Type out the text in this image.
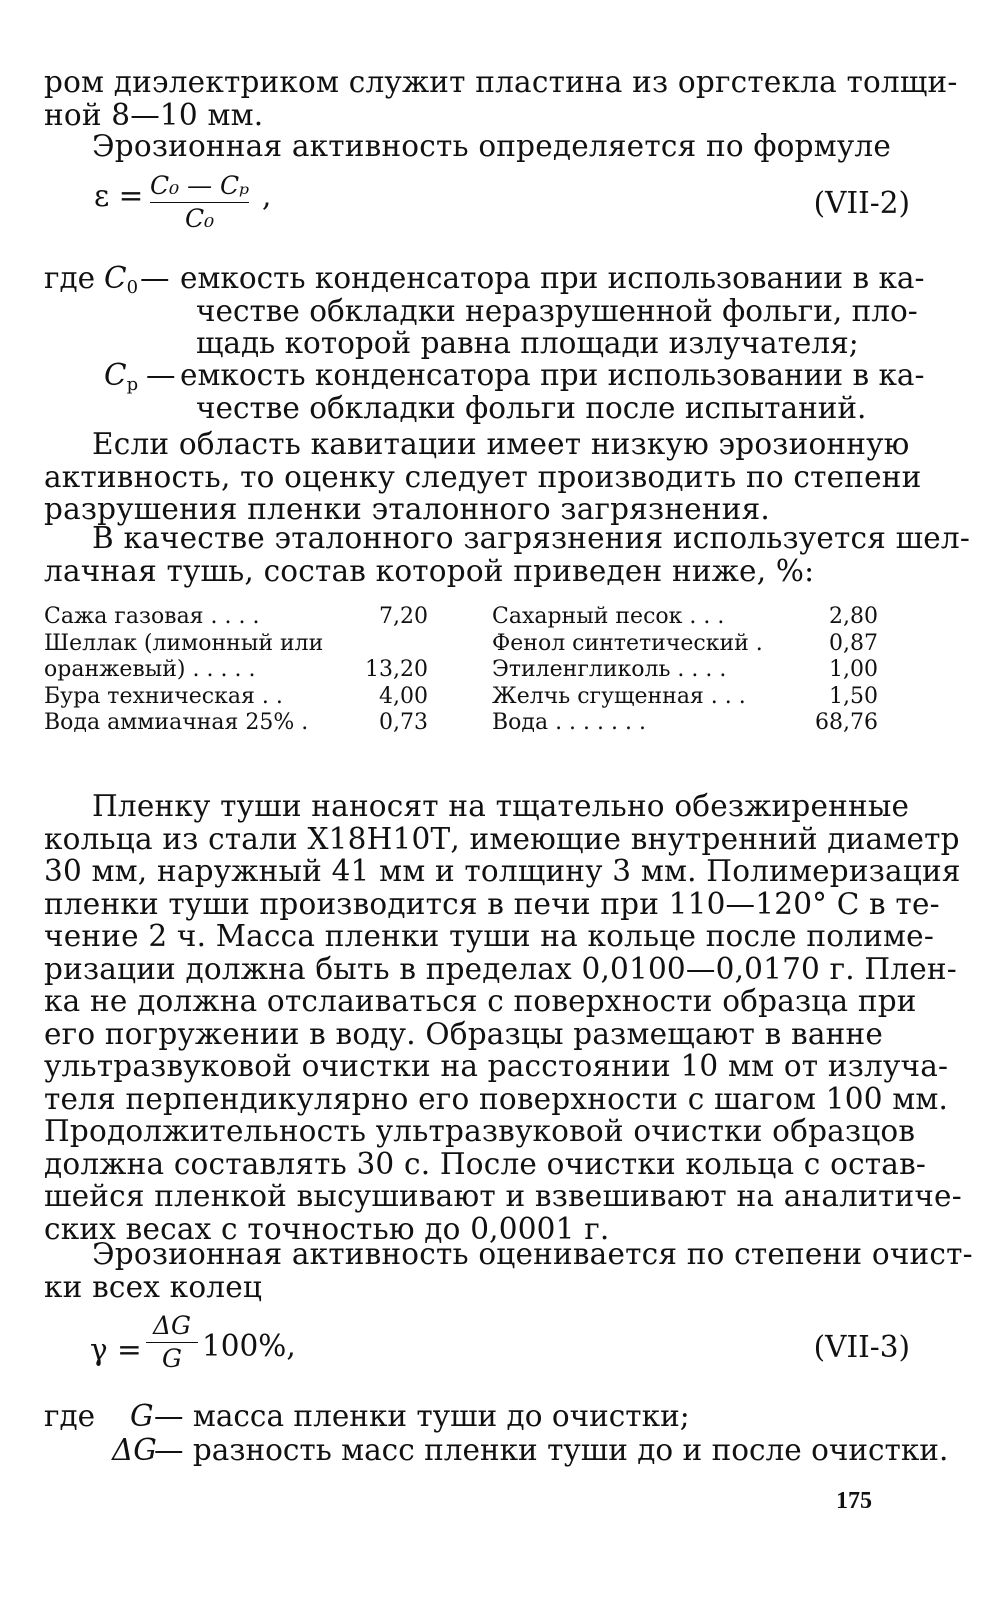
ром диэлектриком служит пластина из оргстекла толщи-
ной 8—10 мм.
Эрозионная активность определяется по формуле
ε = C₀ — Cₚ
C₀
,	(VII-2)
где $C_0$ — емкость конденсатора при использовании в ка-
честве обкладки неразрушенной фольги, пло-
щадь которой равна площади излучателя;
$C_р$ — емкость конденсатора при использовании в ка-
честве обкладки фольги после испытаний.
Если область кавитации имеет низкую эрозионную
активность, то оценку следует производить по степени
разрушения пленки эталонного загрязнения.
В качестве эталонного загрязнения используется шел-
лачная тушь, состав которой приведен ниже, %:
Сажа газовая . . . .	7,20
Шеллак (лимонный или
оранжевый) . . . . .	13,20
Бура техническая . .	4,00
Вода аммиачная 25% .	0,73
Сахарный песок . . .	2,80
Фенол синтетический .	0,87
Этиленгликоль . . . .	1,00
Желчь сгущенная . . .	1,50
Вода . . . . . . .	68,76
Пленку туши наносят на тщательно обезжиренные
кольца из стали Х18Н10Т, имеющие внутренний диаметр
30 мм, наружный 41 мм и толщину 3 мм. Полимеризация
пленки туши производится в печи при 110—120° С в те-
чение 2 ч. Масса пленки туши на кольце после полиме-
ризации должна быть в пределах 0,0100—0,0170 г. Плен-
ка не должна отслаиваться с поверхности образца при
его погружении в воду. Образцы размещают в ванне
ультразвуковой очистки на расстоянии 10 мм от излуча-
теля перпендикулярно его поверхности с шагом 100 мм.
Продолжительность ультразвуковой очистки образцов
должна составлять 30 с. После очистки кольца с остав-
шейся пленкой высушивают и взвешивают на аналитиче-
ских весах с точностью до 0,0001 г.
Эрозионная активность оценивается по степени очист-
ки всех колец
γ =
ΔG
G 100%,	(VII-3)
где G — масса пленки туши до очистки;
ΔG
— разность масс пленки туши до и после очистки.
175
